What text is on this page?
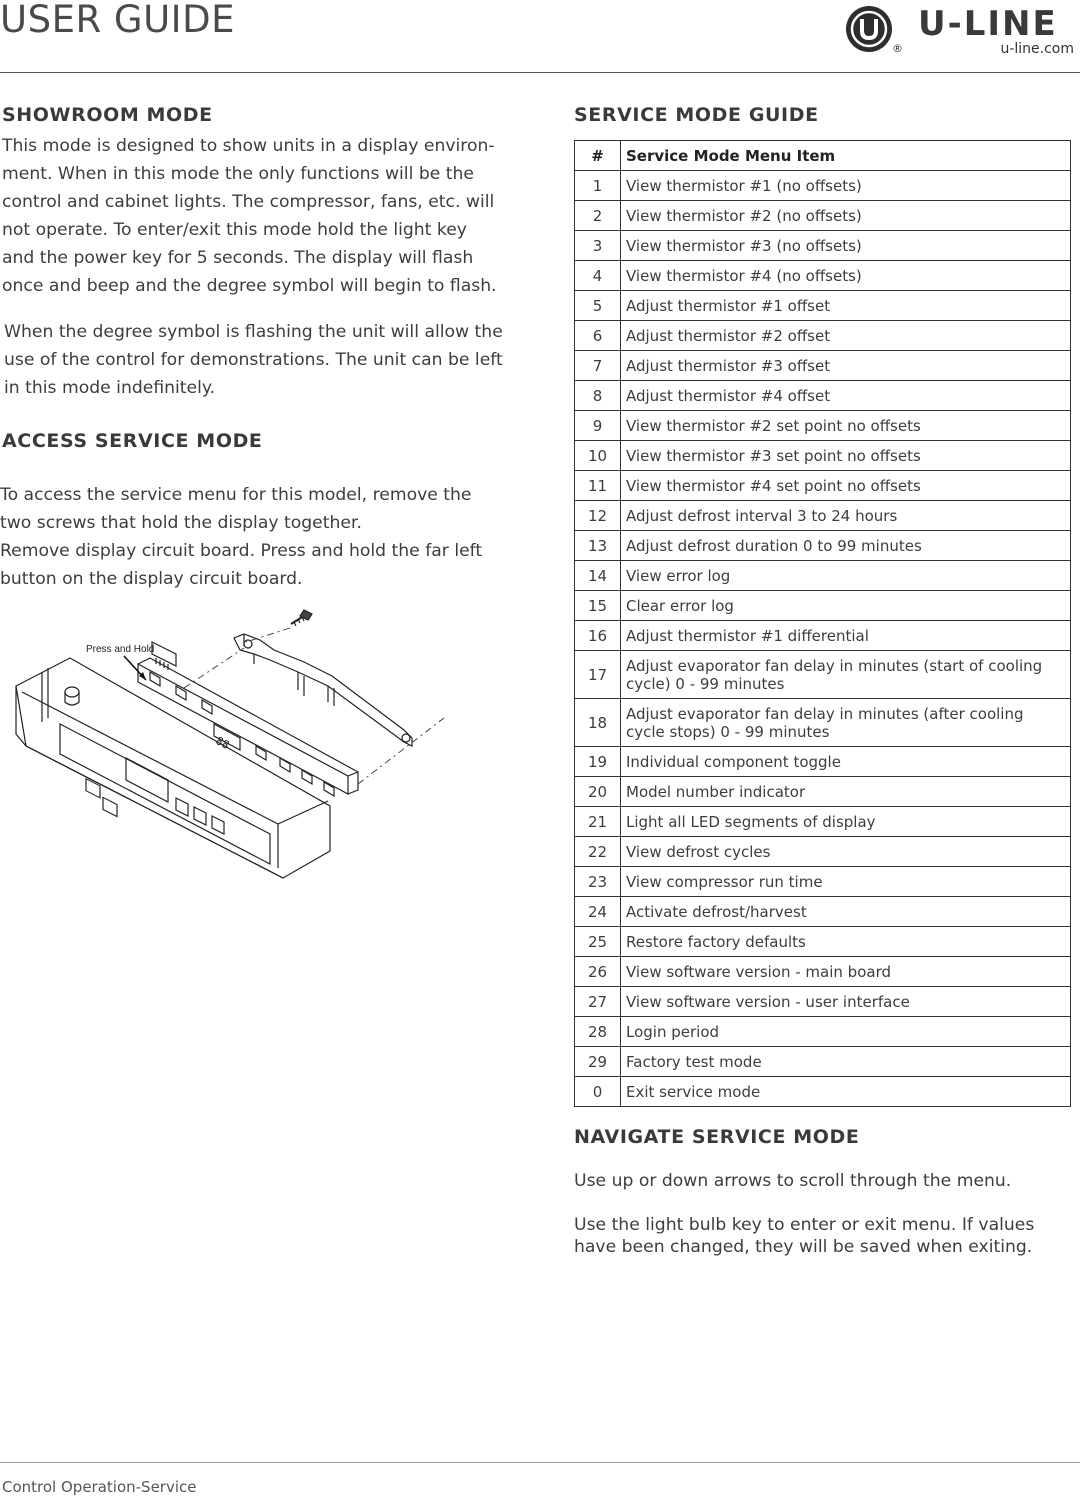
USER GUIDE
®
U-LINE
u-line.com
SHOWROOM MODE
This mode is designed to show units in a display environ-
ment. When in this mode the only functions will be the
control and cabinet lights. The compressor, fans, etc. will
not operate. To enter/exit this mode hold the light key
and the power key for 5 seconds. The display will flash
once and beep and the degree symbol will begin to flash.
When the degree symbol is flashing the unit will allow the
use of the control for demonstrations. The unit can be left
in this mode indefinitely.
ACCESS SERVICE MODE
To access the service menu for this model, remove the
two screws that hold the display together.
Remove display circuit board. Press and hold the far left
button on the display circuit board.
88
Press and Hold
SERVICE MODE GUIDE
#	Service Mode Menu Item
1	View thermistor #1 (no offsets)
2	View thermistor #2 (no offsets)
3	View thermistor #3 (no offsets)
4	View thermistor #4 (no offsets)
5	Adjust thermistor #1 offset
6	Adjust thermistor #2 offset
7	Adjust thermistor #3 offset
8	Adjust thermistor #4 offset
9	View thermistor #2 set point no offsets
10	View thermistor #3 set point no offsets
11	View thermistor #4 set point no offsets
12	Adjust defrost interval 3 to 24 hours
13	Adjust defrost duration 0 to 99 minutes
14	View error log
15	Clear error log
16	Adjust thermistor #1 differential
17	Adjust evaporator fan delay in minutes (start of cooling cycle) 0 - 99 minutes
18	Adjust evaporator fan delay in minutes (after cooling cycle stops) 0 - 99 minutes
19	Individual component toggle
20	Model number indicator
21	Light all LED segments of display
22	View defrost cycles
23	View compressor run time
24	Activate defrost/harvest
25	Restore factory defaults
26	View software version - main board
27	View software version - user interface
28	Login period
29	Factory test mode
0	Exit service mode
NAVIGATE SERVICE MODE
Use up or down arrows to scroll through the menu.
Use the light bulb key to enter or exit menu. If values
have been changed, they will be saved when exiting.
Control Operation-Service
